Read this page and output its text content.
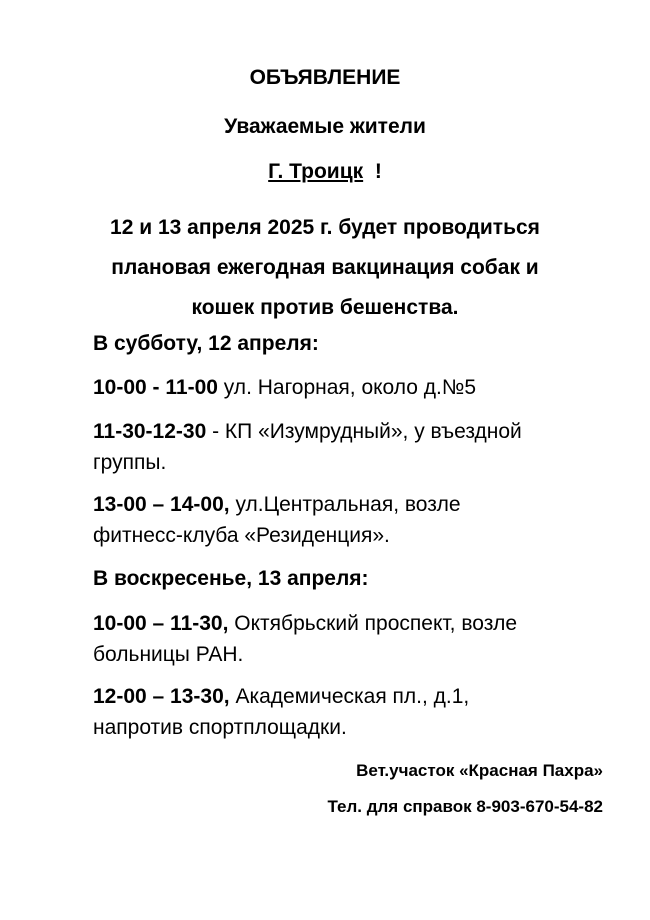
ОБЪЯВЛЕНИЕ
Уважаемые жители
Г. Троицк !
12 и 13 апреля 2025 г. будет проводиться
плановая ежегодная вакцинация собак и
кошек против бешенства.
В субботу, 12 апреля:
10-00 - 11-00 ул. Нагорная, около д.№5
11-30-12-30 - КП «Изумрудный», у въездной
группы.
13-00 – 14-00, ул.Центральная, возле
фитнесс-клуба «Резиденция».
В воскресенье, 13 апреля:
10-00 – 11-30, Октябрьский проспект, возле
больницы РАН.
12-00 – 13-30, Академическая пл., д.1,
напротив спортплощадки.
Вет.участок «Красная Пахра»
Тел. для справок 8-903-670-54-82
